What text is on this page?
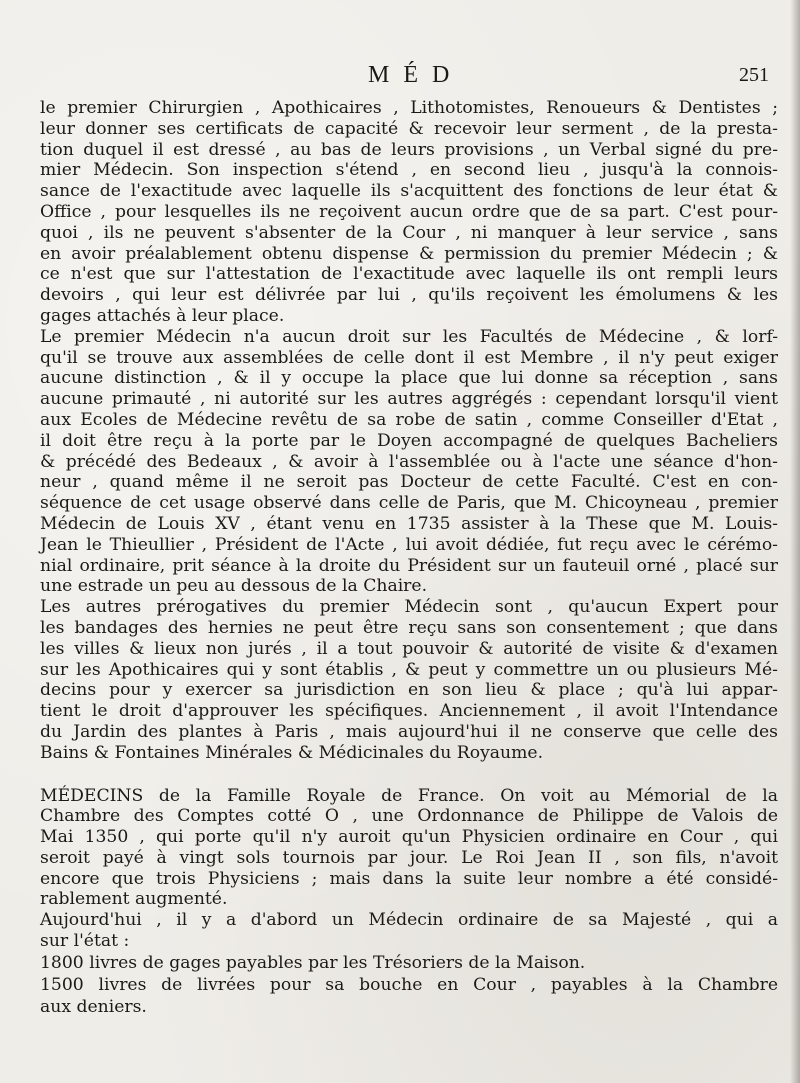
MÉD	251
le premier Chirurgien , Apothicaires , Lithotomistes, Renoueurs & Dentistes ;
leur donner ses certificats de capacité & recevoir leur serment , de la presta-
tion duquel il est dressé , au bas de leurs provisions , un Verbal signé du pre-
mier Médecin. Son inspection s'étend , en second lieu , jusqu'à la connois-
sance de l'exactitude avec laquelle ils s'acquittent des fonctions de leur état &
Office , pour lesquelles ils ne reçoivent aucun ordre que de sa part. C'est pour-
quoi , ils ne peuvent s'absenter de la Cour , ni manquer à leur service , sans
en avoir préalablement obtenu dispense & permission du premier Médecin ; &
ce n'est que sur l'attestation de l'exactitude avec laquelle ils ont rempli leurs
devoirs , qui leur est délivrée par lui , qu'ils reçoivent les émolumens & les
gages attachés à leur place.
Le premier Médecin n'a aucun droit sur les Facultés de Médecine , & lorf-
qu'il se trouve aux assemblées de celle dont il est Membre , il n'y peut exiger
aucune distinction , & il y occupe la place que lui donne sa réception , sans
aucune primauté , ni autorité sur les autres aggrégés : cependant lorsqu'il vient
aux Ecoles de Médecine revêtu de sa robe de satin , comme Conseiller d'Etat ,
il doit être reçu à la porte par le Doyen accompagné de quelques Bacheliers
& précédé des Bedeaux , & avoir à l'assemblée ou à l'acte une séance d'hon-
neur , quand même il ne seroit pas Docteur de cette Faculté. C'est en con-
séquence de cet usage observé dans celle de Paris, que M. Chicoyneau , premier
Médecin de Louis XV , étant venu en 1735 assister à la These que M. Louis-
Jean le Thieullier , Président de l'Acte , lui avoit dédiée, fut reçu avec le cérémo-
nial ordinaire, prit séance à la droite du Président sur un fauteuil orné , placé sur
une estrade un peu au dessous de la Chaire.
Les autres prérogatives du premier Médecin sont , qu'aucun Expert pour
les bandages des hernies ne peut être reçu sans son consentement ; que dans
les villes & lieux non jurés , il a tout pouvoir & autorité de visite & d'examen
sur les Apothicaires qui y sont établis , & peut y commettre un ou plusieurs Mé-
decins pour y exercer sa jurisdiction en son lieu & place ; qu'à lui appar-
tient le droit d'approuver les spécifiques. Anciennement , il avoit l'Intendance
du Jardin des plantes à Paris , mais aujourd'hui il ne conserve que celle des
Bains & Fontaines Minérales & Médicinales du Royaume.
MÉDECINS de la Famille Royale de France. On voit au Mémorial de la
Chambre des Comptes cotté O , une Ordonnance de Philippe de Valois de
Mai 1350 , qui porte qu'il n'y auroit qu'un Physicien ordinaire en Cour , qui
seroit payé à vingt sols tournois par jour. Le Roi Jean II , son fils, n'avoit
encore que trois Physiciens ; mais dans la suite leur nombre a été considé-
rablement augmenté.
Aujourd'hui , il y a d'abord un Médecin ordinaire de sa Majesté , qui a
sur l'état :
1800 livres de gages payables par les Trésoriers de la Maison.
1500 livres de livrées pour sa bouche en Cour , payables à la Chambre
aux deniers.
